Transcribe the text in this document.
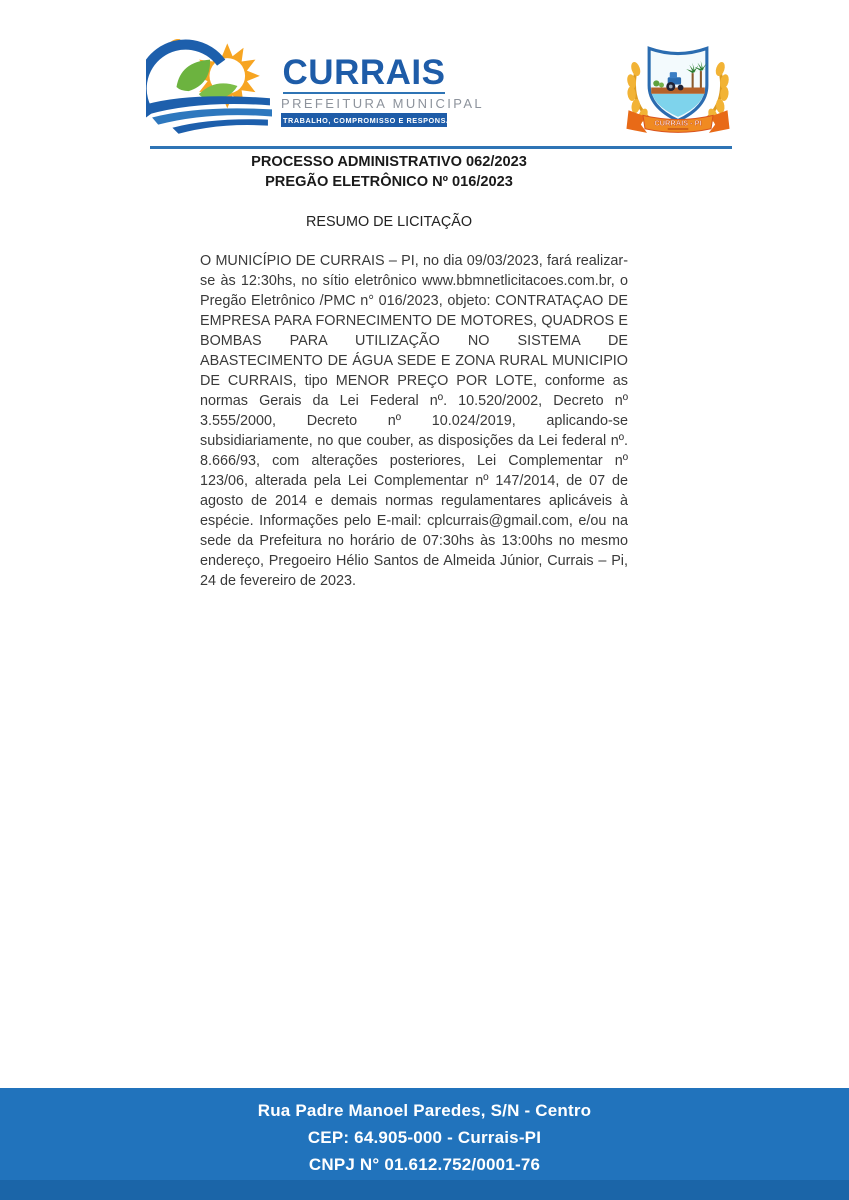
CURRAIS
PREFEITURA MUNICIPAL
TRABALHO, COMPROMISSO E RESPONSABILIDADE	CURRAIS - PI
PROCESSO ADMINISTRATIVO 062/2023
PREGÃO ELETRÔNICO Nº 016/2023
RESUMO DE LICITAÇÃO

O MUNICÍPIO DE CURRAIS – PI, no dia 09/03/2023, fará realizar-se às 12:30hs, no sítio eletrônico www.bbmnetlicitacoes.com.br, o Pregão Eletrônico /PMC n° 016/2023, objeto: CONTRATAÇAO DE EMPRESA PARA FORNECIMENTO DE MOTORES, QUADROS E BOMBAS PARA UTILIZAÇÃO NO SISTEMA DE ABASTECIMENTO DE ÁGUA SEDE E ZONA RURAL MUNICIPIO DE CURRAIS, tipo MENOR PREÇO POR LOTE, conforme as normas Gerais da Lei Federal nº. 10.520/2002, Decreto nº 3.555/2000, Decreto nº 10.024/2019, aplicando-se subsidiariamente, no que couber, as disposições da Lei federal nº. 8.666/93, com alterações posteriores, Lei Complementar nº 123/06, alterada pela Lei Complementar nº 147/2014, de 07 de agosto de 2014 e demais normas regulamentares aplicáveis à espécie. Informações pelo E-mail: cplcurrais@gmail.com, e/ou na sede da Prefeitura no horário de 07:30hs às 13:00hs no mesmo endereço, Pregoeiro Hélio Santos de Almeida Júnior, Currais – Pi, 24 de fevereiro de 2023.

Rua Padre Manoel Paredes, S/N - Centro
CEP: 64.905-000 - Currais-PI
CNPJ N° 01.612.752/0001-76
